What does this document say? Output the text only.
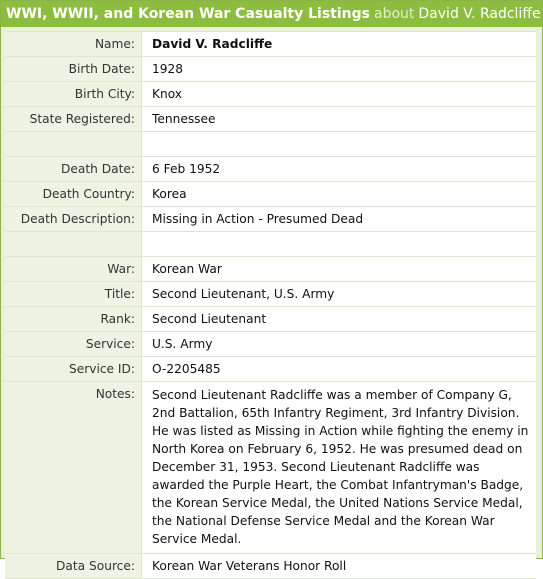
WWI, WWII, and Korean War Casualty Listings about David V. Radcliffe
Name:	David V. Radcliffe
Birth Date:	1928
Birth City:	Knox
State Registered:	Tennessee
Death Date:	6 Feb 1952
Death Country:	Korea
Death Description:	Missing in Action - Presumed Dead
War:	Korean War
Title:	Second Lieutenant, U.S. Army
Rank:	Second Lieutenant
Service:	U.S. Army
Service ID:	O-2205485
Notes:	Second Lieutenant Radcliffe was a member of Company G, 2nd Battalion, 65th Infantry Regiment, 3rd Infantry Division. He was listed as Missing in Action while fighting the enemy in North Korea on February 6, 1952. He was presumed dead on December 31, 1953. Second Lieutenant Radcliffe was awarded the Purple Heart, the Combat Infantryman's Badge, the Korean Service Medal, the United Nations Service Medal, the National Defense Service Medal and the Korean War Service Medal.
Data Source:	Korean War Veterans Honor Roll
